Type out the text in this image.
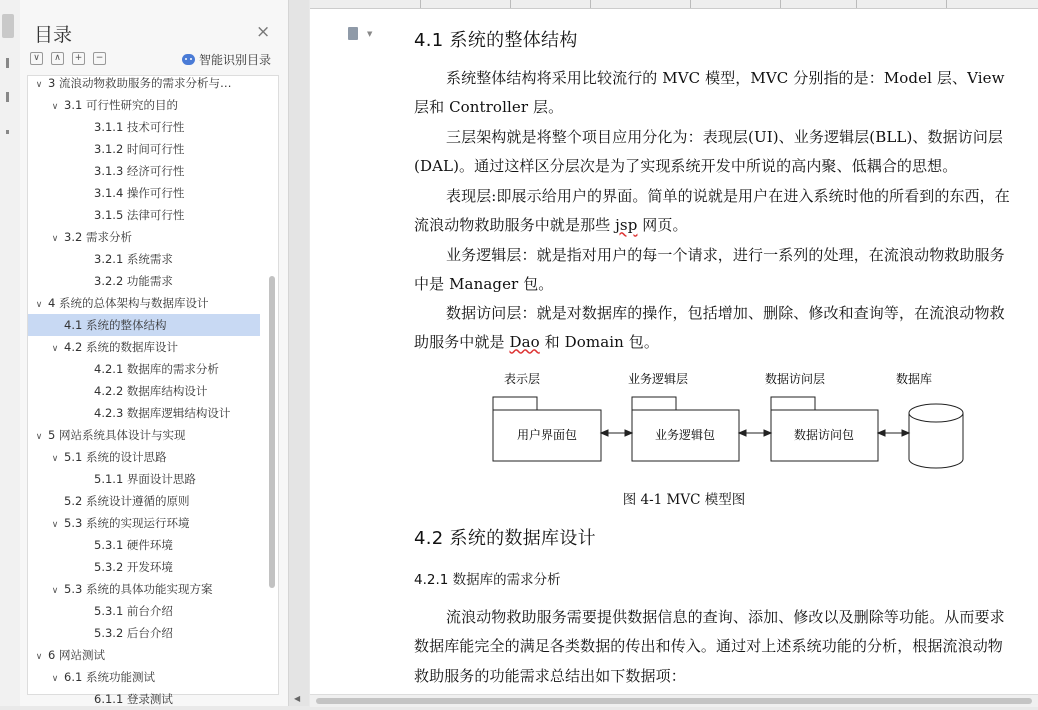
目录	×
∨	∧	+	−	智能识别目录
∨ 3 流浪动物救助服务的需求分析与…
∨ 3.1 可行性研究的目的
3.1.1 技术可行性
3.1.2 时间可行性
3.1.3 经济可行性
3.1.4 操作可行性
3.1.5 法律可行性
∨ 3.2 需求分析
3.2.1 系统需求
3.2.2 功能需求
∨ 4 系统的总体架构与数据库设计
4.1 系统的整体结构
∨ 4.2 系统的数据库设计
4.2.1 数据库的需求分析
4.2.2 数据库结构设计
4.2.3 数据库逻辑结构设计
∨ 5 网站系统具体设计与实现
∨ 5.1 系统的设计思路
5.1.1 界面设计思路
5.2 系统设计遵循的原则
∨ 5.3 系统的实现运行环境
5.3.1 硬件环境
5.3.2 开发环境
∨ 5.3 系统的具体功能实现方案
5.3.1 前台介绍
5.3.2 后台介绍
∨ 6 网站测试
∨ 6.1 系统功能测试
6.1.1 登录测试	◀
▼ 4.1 系统的整体结构
系统整体结构将采用比较流行的 MVC 模型，MVC 分别指的是：Model 层、View 层和 Controller 层。
三层架构就是将整个项目应用分化为：表现层(UI)、业务逻辑层(BLL)、数据访问层(DAL)。通过这样区分层次是为了实现系统开发中所说的高内聚、低耦合的思想。
表现层:即展示给用户的界面。简单的说就是用户在进入系统时他的所看到的东西，在流浪动物救助服务中就是那些 jsp 网页。
业务逻辑层：就是指对用户的每一个请求，进行一系列的处理，在流浪动物救助服务中是 Manager 包。
数据访问层：就是对数据库的操作，包括增加、删除、修改和查询等，在流浪动物救助服务中就是 Dao 和 Domain 包。
表示层	业务逻辑层	数据访问层	数据库
用户界面包	业务逻辑包	数据访问包
图 4-1 MVC 模型图
4.2 系统的数据库设计
4.2.1 数据库的需求分析
流浪动物救助服务需要提供数据信息的查询、添加、修改以及删除等功能。从而要求数据库能完全的满足各类数据的传出和传入。通过对上述系统功能的分析，根据流浪动物救助服务的功能需求总结出如下数据项：
